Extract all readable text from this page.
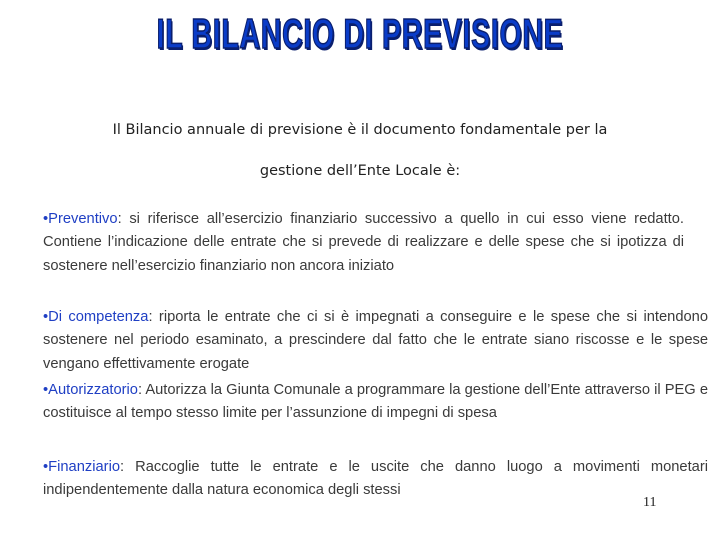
IL BILANCIO DI PREVISIONE
Il Bilancio annuale di previsione è il documento fondamentale per la
gestione dell’Ente Locale è:
•Preventivo: si riferisce all’esercizio finanziario successivo a quello in cui esso viene redatto. Contiene l’indicazione delle entrate che si prevede di realizzare e delle spese che si ipotizza di sostenere nell’esercizio finanziario non ancora iniziato
•Di competenza: riporta le entrate che ci si è impegnati a conseguire e le spese che si intendono sostenere nel periodo esaminato, a prescindere dal fatto che le entrate siano riscosse e le spese vengano effettivamente erogate
•Autorizzatorio: Autorizza la Giunta Comunale a programmare la gestione dell’Ente attraverso il PEG e costituisce al tempo stesso limite per l’assunzione di impegni di spesa
•Finanziario: Raccoglie tutte le entrate e le uscite che danno luogo a movimenti monetari indipendentemente dalla natura economica degli stessi
11
